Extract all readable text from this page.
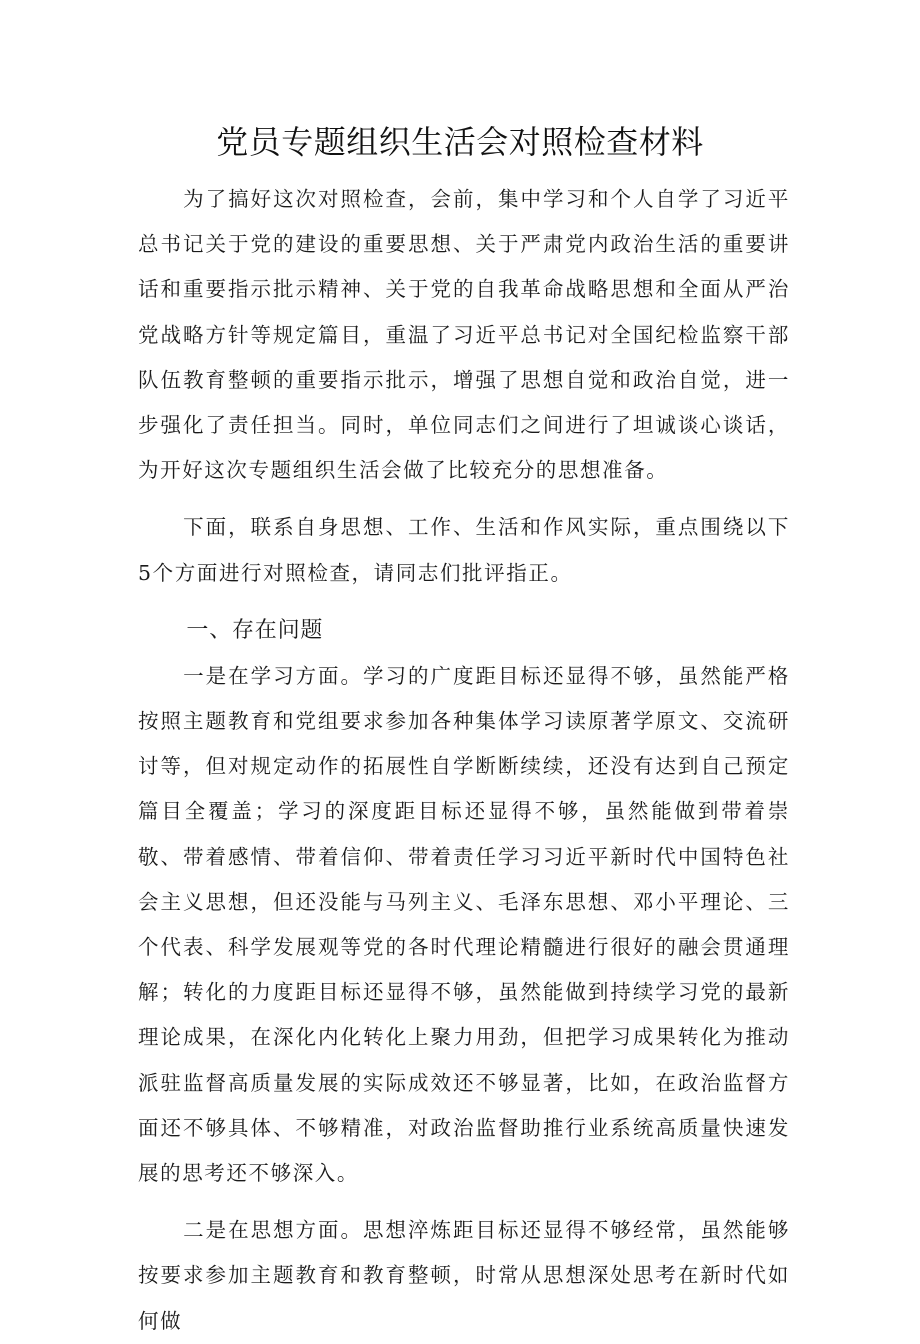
党员专题组织生活会对照检查材料

为了搞好这次对照检查，会前，集中学习和个人自学了习近平总书记关于党的建设的重要思想、关于严肃党内政治生活的重要讲话和重要指示批示精神、关于党的自我革命战略思想和全面从严治党战略方针等规定篇目，重温了习近平总书记对全国纪检监察干部队伍教育整顿的重要指示批示，增强了思想自觉和政治自觉，进一步强化了责任担当。同时，单位同志们之间进行了坦诚谈心谈话，为开好这次专题组织生活会做了比较充分的思想准备。

下面，联系自身思想、工作、生活和作风实际，重点围绕以下5个方面进行对照检查，请同志们批评指正。

一、存在问题

一是在学习方面。学习的广度距目标还显得不够，虽然能严格按照主题教育和党组要求参加各种集体学习读原著学原文、交流研讨等，但对规定动作的拓展性自学断断续续，还没有达到自己预定篇目全覆盖；学习的深度距目标还显得不够，虽然能做到带着崇敬、带着感情、带着信仰、带着责任学习习近平新时代中国特色社会主义思想，但还没能与马列主义、毛泽东思想、邓小平理论、三个代表、科学发展观等党的各时代理论精髓进行很好的融会贯通理解；转化的力度距目标还显得不够，虽然能做到持续学习党的最新理论成果，在深化内化转化上聚力用劲，但把学习成果转化为推动派驻监督高质量发展的实际成效还不够显著，比如，在政治监督方面还不够具体、不够精准，对政治监督助推行业系统高质量快速发展的思考还不够深入。

二是在思想方面。思想淬炼距目标还显得不够经常，虽然能够按要求参加主题教育和教育整顿，时常从思想深处思考在新时代如何做
